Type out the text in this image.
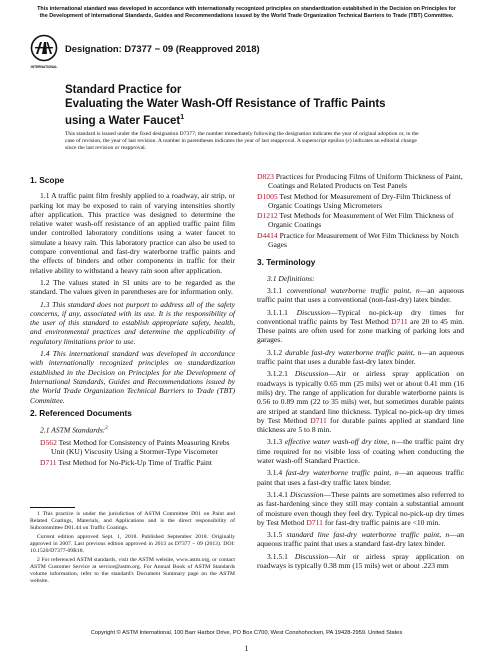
This international standard was developed in accordance with internationally recognized principles on standardization established in the Decision on Principles for the Development of International Standards, Guides and Recommendations issued by the World Trade Organization Technical Barriers to Trade (TBT) Committee.
INTERNATIONAL
Designation: D7377 − 09 (Reapproved 2018)
Standard Practice for
Evaluating the Water Wash-Off Resistance of Traffic Paints
using a Water Faucet$^1$
This standard is issued under the fixed designation D7377; the number immediately following the designation indicates the year of original adoption or, in the case of revision, the year of last revision. A number in parentheses indicates the year of last reapproval. A superscript epsilon (ε) indicates an editorial change since the last revision or reapproval.
1. Scope

1.1 A traffic paint film freshly applied to a roadway, air strip, or parking lot may be exposed to rain of varying intensities shortly after application. This practice was designed to determine the relative water wash-off resistance of an applied traffic paint film under controlled laboratory conditions using a water faucet to simulate a heavy rain. This laboratory practice can also be used to compare conventional and fast-dry waterborne traffic paints and the effects of binders and other components in traffic for their relative ability to withstand a heavy rain soon after application.

1.2 The values stated in SI units are to be regarded as the standard. The values given in parentheses are for information only.

1.3 This standard does not purport to address all of the safety concerns, if any, associated with its use. It is the responsibility of the user of this standard to establish appropriate safety, health, and environmental practices and determine the applicability of regulatory limitations prior to use.

1.4 This international standard was developed in accordance with internationally recognized principles on standardization established in the Decision on Principles for the Development of International Standards, Guides and Recommendations issued by the World Trade Organization Technical Barriers to Trade (TBT) Committee.

2. Referenced Documents

2.1 ASTM Standards:$^2$

D562 Test Method for Consistency of Paints Measuring Krebs Unit (KU) Viscosity Using a Stormer-Type Viscometer
D711 Test Method for No-Pick-Up Time of Traffic Paint

1 This practice is under the jurisdiction of ASTM Committee D01 on Paint and Related Coatings, Materials, and Applications and is the direct responsibility of Subcommittee D01.44 on Traffic Coatings.

Current edition approved Sept. 1, 2018. Published September 2018. Originally approved in 2007. Last previous edition approved in 2013 as D7377 – 09 (2013). DOI: 10.1520/D7377-09R18.

2 For referenced ASTM standards, visit the ASTM website, www.astm.org, or contact ASTM Customer Service at service@astm.org. For Annual Book of ASTM Standards volume information, refer to the standard's Document Summary page on the ASTM website.

D823 Practices for Producing Films of Uniform Thickness of Paint, Coatings and Related Products on Test Panels
D1005 Test Method for Measurement of Dry-Film Thickness of Organic Coatings Using Micrometers
D1212 Test Methods for Measurement of Wet Film Thickness of Organic Coatings
D4414 Practice for Measurement of Wet Film Thickness by Notch Gages
3. Terminology

3.1 Definitions:

3.1.1 conventional waterborne traffic paint, n—an aqueous traffic paint that uses a conventional (non-fast-dry) latex binder.

3.1.1.1 Discussion—Typical no-pick-up dry times for conventional traffic paints by Test Method D711 are 20 to 45 min. These paints are often used for zone marking of parking lots and garages.

3.1.2 durable fast-dry waterborne traffic paint, n—an aqueous traffic paint that uses a durable fast-dry latex binder.

3.1.2.1 Discussion—Air or airless spray application on roadways is typically 0.65 mm (25 mils) wet or about 0.41 mm (16 mils) dry. The range of application for durable waterborne paints is 0.56 to 0.89 mm (22 to 35 mils) wet, but sometimes durable paints are striped at standard line thickness. Typical no-pick-up dry times by Test Method D711 for durable paints applied at standard line thickness are 5 to 8 min.

3.1.3 effective water wash-off dry time, n—the traffic paint dry time required for no visible loss of coating when conducting the water wash-off Standard Practice.

3.1.4 fast-dry waterborne traffic paint, n—an aqueous traffic paint that uses a fast-dry traffic latex binder.

3.1.4.1 Discussion—These paints are sometimes also referred to as fast-hardening since they still may contain a substantial amount of moisture even though they feel dry. Typical no-pick-up dry times by Test Method D711 for fast-dry traffic paints are <10 min.

3.1.5 standard line fast-dry waterborne traffic paint, n—an aqueous traffic paint that uses a standard fast-dry latex binder.

3.1.5.1 Discussion—Air or airless spray application on roadways is typically 0.38 mm (15 mils) wet or about .223 mm

Copyright © ASTM International, 100 Barr Harbor Drive, PO Box C700, West Conshohocken, PA 19428-2959. United States
1
